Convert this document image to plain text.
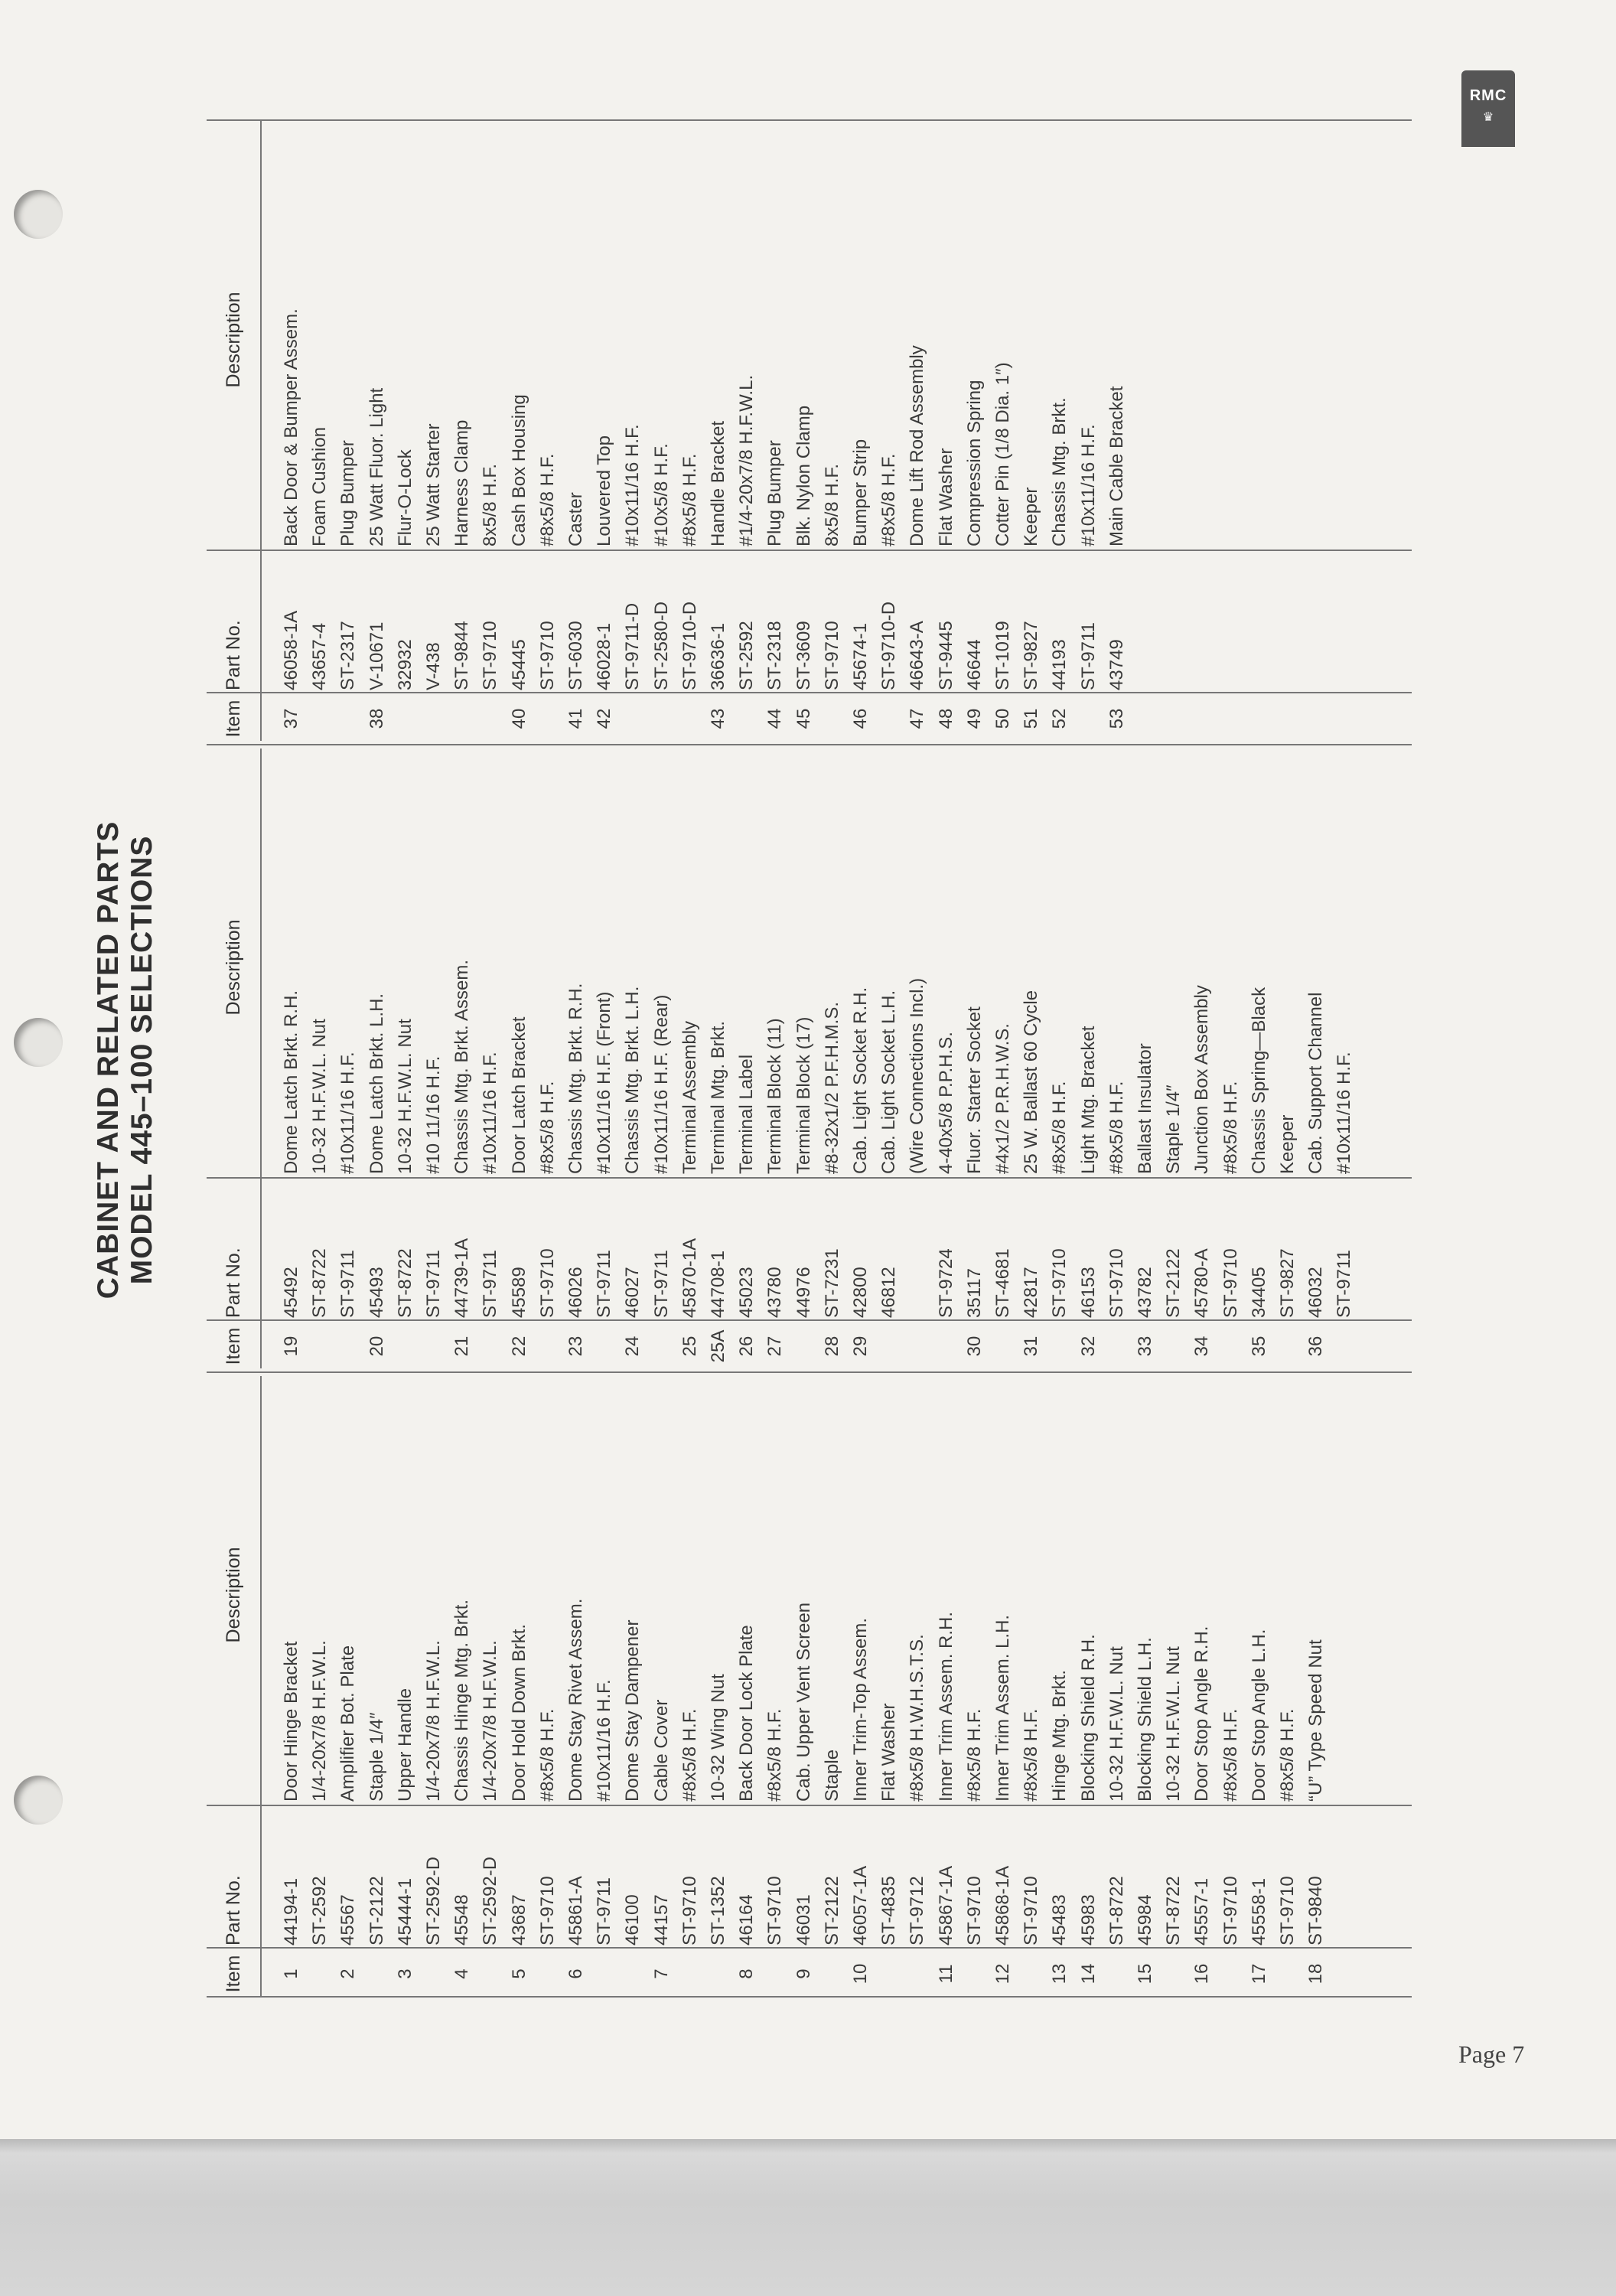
RMC
♛
CABINET AND RELATED PARTS MODEL 445–100 SELECTIONS
Item
Part No.
Description
1
44194-1
Door Hinge Bracket
ST-2592
1/4-20x7/8 H.F.W.L.
2
45567
Amplifier Bot. Plate
ST-2122
Staple 1/4″
3
45444-1
Upper Handle
ST-2592-D
1/4-20x7/8 H.F.W.L.
4
45548
Chassis Hinge Mtg. Brkt.
ST-2592-D
1/4-20x7/8 H.F.W.L.
5
43687
Door Hold Down Brkt.
ST-9710
#8x5/8 H.F.
6
45861-A
Dome Stay Rivet Assem.
ST-9711
#10x11/16 H.F.
46100
Dome Stay Dampener
7
44157
Cable Cover
ST-9710
#8x5/8 H.F.
ST-1352
10-32 Wing Nut
8
46164
Back Door Lock Plate
ST-9710
#8x5/8 H.F.
9
46031
Cab. Upper Vent Screen
ST-2122
Staple
10
46057-1A
Inner Trim-Top Assem.
ST-4835
Flat Washer
ST-9712
#8x5/8 H.W.H.S.T.S.
11
45867-1A
Inner Trim Assem. R.H.
ST-9710
#8x5/8 H.F.
12
45868-1A
Inner Trim Assem. L.H.
ST-9710
#8x5/8 H.F.
13
45483
Hinge Mtg. Brkt.
14
45983
Blocking Shield R.H.
ST-8722
10-32 H.F.W.L. Nut
15
45984
Blocking Shield L.H.
ST-8722
10-32 H.F.W.L. Nut
16
45557-1
Door Stop Angle R.H.
ST-9710
#8x5/8 H.F.
17
45558-1
Door Stop Angle L.H.
ST-9710
#8x5/8 H.F.
18
ST-9840
“U” Type Speed Nut
Item
Part No.
Description
19
45492
Dome Latch Brkt. R.H.
ST-8722
10-32 H.F.W.L. Nut
ST-9711
#10x11/16 H.F.
20
45493
Dome Latch Brkt. L.H.
ST-8722
10-32 H.F.W.L. Nut
ST-9711
#10 11/16 H.F.
21
44739-1A
Chassis Mtg. Brkt. Assem.
ST-9711
#10x11/16 H.F.
22
45589
Door Latch Bracket
ST-9710
#8x5/8 H.F.
23
46026
Chassis Mtg. Brkt. R.H.
ST-9711
#10x11/16 H.F. (Front)
24
46027
Chassis Mtg. Brkt. L.H.
ST-9711
#10x11/16 H.F. (Rear)
25
45870-1A
Terminal Assembly
25A
44708-1
Terminal Mtg. Brkt.
26
45023
Terminal Label
27
43780
Terminal Block (11)
44976
Terminal Block (17)
28
ST-7231
#8-32x1/2 P.F.H.M.S.
29
42800
Cab. Light Socket R.H.
46812
Cab. Light Socket L.H. (Wire Connections Incl.)
ST-9724
4-40x5/8 P.P.H.S.
30
35117
Fluor. Starter Socket
ST-4681
#4x1/2 P.R.H.W.S.
31
42817
25 W. Ballast 60 Cycle
ST-9710
#8x5/8 H.F.
32
46153
Light Mtg. Bracket
ST-9710
#8x5/8 H.F.
33
43782
Ballast Insulator
ST-2122
Staple 1/4″
34
45780-A
Junction Box Assembly
ST-9710
#8x5/8 H.F.
35
34405
Chassis Spring—Black
ST-9827
Keeper
36
46032
Cab. Support Channel
ST-9711
#10x11/16 H.F.
Item
Part No.
Description
37
46058-1A
Back Door & Bumper Assem.
43657-4
Foam Cushion
ST-2317
Plug Bumper
38
V-10671
25 Watt Fluor. Light
32932
Flur-O-Lock
V-438
25 Watt Starter
ST-9844
Harness Clamp
ST-9710
8x5/8 H.F.
40
45445
Cash Box Housing
ST-9710
#8x5/8 H.F.
41
ST-6030
Caster
42
46028-1
Louvered Top
ST-9711-D
#10x11/16 H.F.
ST-2580-D
#10x5/8 H.F.
ST-9710-D
#8x5/8 H.F.
43
36636-1
Handle Bracket
ST-2592
#1/4-20x7/8 H.F.W.L.
44
ST-2318
Plug Bumper
45
ST-3609
Blk. Nylon Clamp
ST-9710
8x5/8 H.F.
46
45674-1
Bumper Strip
ST-9710-D
#8x5/8 H.F.
47
46643-A
Dome Lift Rod Assembly
48
ST-9445
Flat Washer
49
46644
Compression Spring
50
ST-1019
Cotter Pin (1/8 Dia. 1″)
51
ST-9827
Keeper
52
44193
Chassis Mtg. Brkt.
ST-9711
#10x11/16 H.F.
53
43749
Main Cable Bracket
Page 7
